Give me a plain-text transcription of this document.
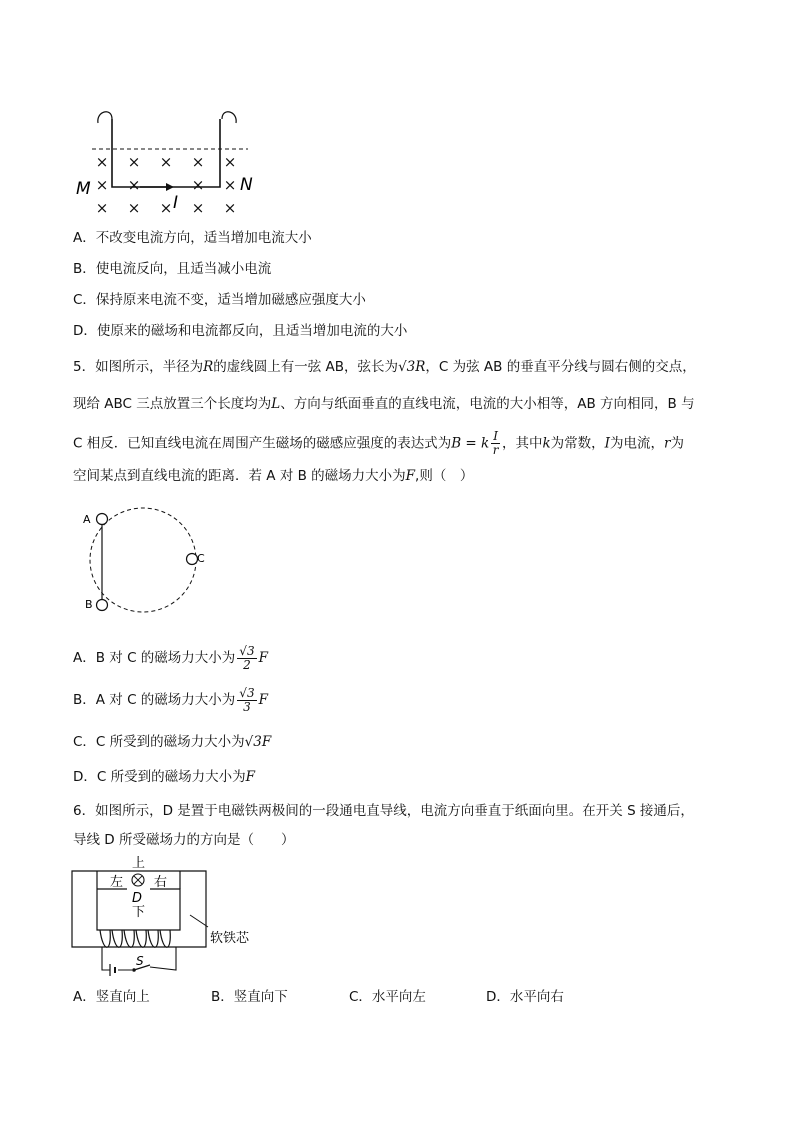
× × × × ×
× ×	× ×
× × × × ×
M	N
I
A．不改变电流方向，适当增加电流大小
B．使电流反向，且适当减小电流
C．保持原来电流不变，适当增加磁感应强度大小
D．使原来的磁场和电流都反向，且适当增加电流的大小
5．如图所示，半径为R的虚线圆上有一弦 AB，弦长为√3R，C 为弦 AB 的垂直平分线与圆右侧的交点，
现给 ABC 三点放置三个长度均为L、方向与纸面垂直的直线电流，电流的大小相等，AB 方向相同，B 与
C 相反．已知直线电流在周围产生磁场的磁感应强度的表达式为B = k $\frac{I}{r}$ ，其中k为常数，I为电流，r为
空间某点到直线电流的距离．若 A 对 B 的磁场力大小为F,则（　）
A
B
C
A．B 对 C 的磁场力大小为 $\frac{√3}{2}$ F
B．A 对 C 的磁场力大小为 $\frac{√3}{3}$ F
C．C 所受到的磁场力大小为√3F
D．C 所受到的磁场力大小为F
6．如图所示，D 是置于电磁铁两极间的一段通电直导线，电流方向垂直于纸面向里。在开关 S 接通后，
导线 D 所受磁场力的方向是（　　）
上
左 右
D
下
S
软铁芯
A．竖直向上	B．竖直向下	C．水平向左	D．水平向右
